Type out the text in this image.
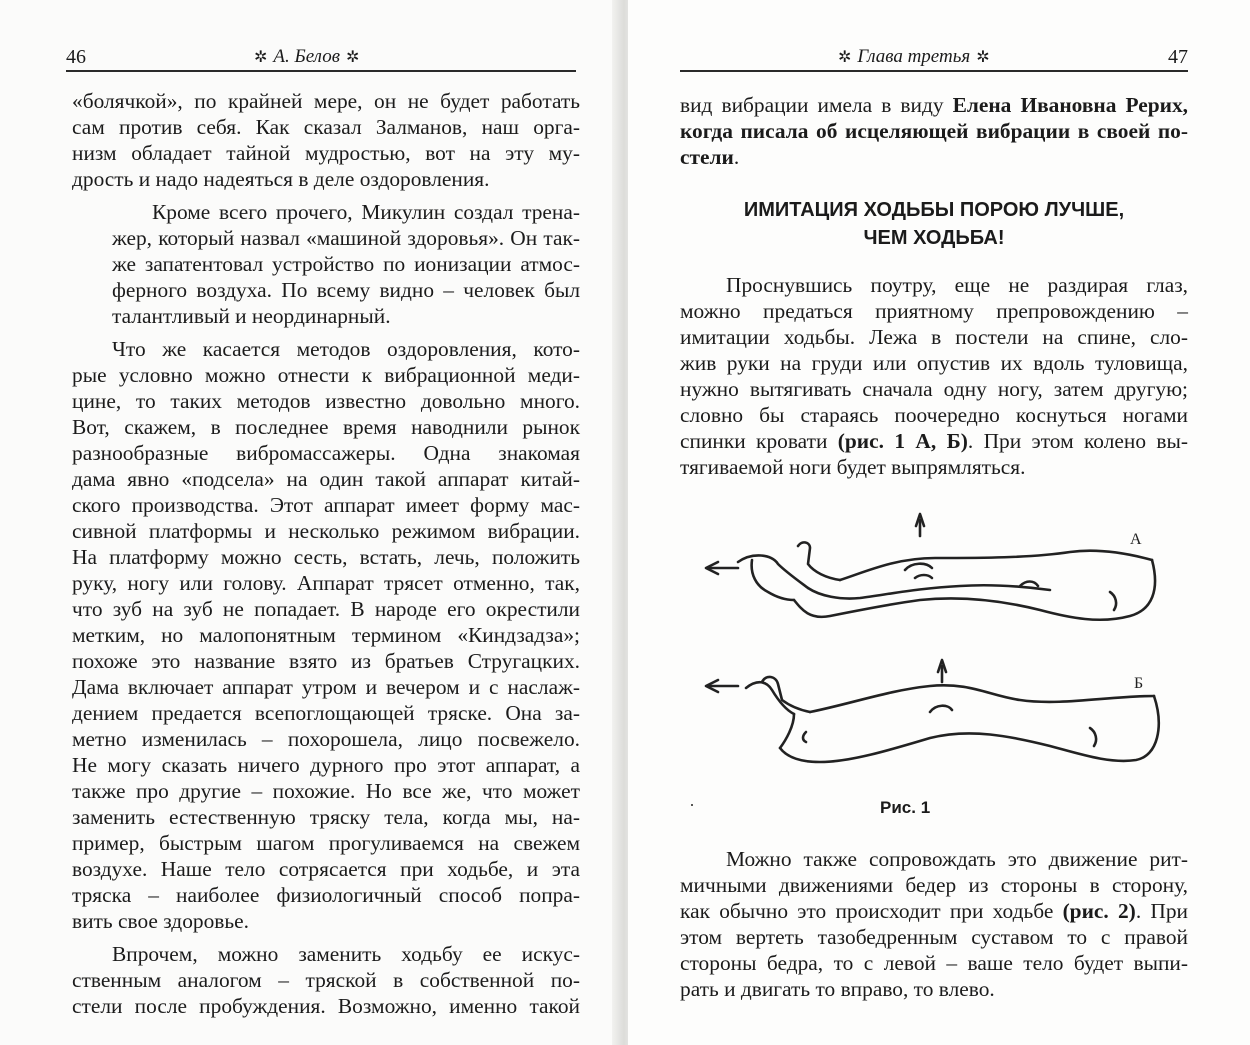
46	✲ А. Белов ✲

«болячкой», по крайней мере, он не будет работать
сам против себя. Как сказал Залманов, наш орга-
низм обладает тайной мудростью, вот на эту му-
дрость и надо надеяться в деле оздоровления.

Кроме всего прочего, Микулин создал трена-
жер, который назвал «машиной здоровья». Он так-
же запатентовал устройство по ионизации атмос-
ферного воздуха. По всему видно – человек был
талантливый и неординарный.

Что же касается методов оздоровления, кото-
рые условно можно отнести к вибрационной меди-
цине, то таких методов известно довольно много.
Вот, скажем, в последнее время наводнили рынок
разнообразные вибромассажеры. Одна знакомая
дама явно «подсела» на один такой аппарат китай-
ского производства. Этот аппарат имеет форму мас-
сивной платформы и несколько режимом вибрации.
На платформу можно сесть, встать, лечь, положить
руку, ногу или голову. Аппарат трясет отменно, так,
что зуб на зуб не попадает. В народе его окрестили
метким, но малопонятным термином «Киндзадза»;
похоже это название взято из братьев Стругацких.
Дама включает аппарат утром и вечером и с наслаж-
дением предается всепоглощающей тряске. Она за-
метно изменилась – похорошела, лицо посвежело.
Не могу сказать ничего дурного про этот аппарат, а
также про другие – похожие. Но все же, что может
заменить естественную тряску тела, когда мы, на-
пример, быстрым шагом прогуливаемся на свежем
воздухе. Наше тело сотрясается при ходьбе, и эта
тряска – наиболее физиологичный способ попра-
вить свое здоровье.

Впрочем, можно заменить ходьбу ее искус-
ственным аналогом – тряской в собственной по-
стели после пробуждения. Возможно, именно такой

✲ Глава третья ✲	47

вид вибрации имела в виду Елена Ивановна Рерих,
когда писала об исцеляющей вибрации в своей по-
стели.

ИМИТАЦИЯ ХОДЬБЫ ПОРОЮ ЛУЧШЕ,
ЧЕМ ХОДЬБА!

Проснувшись поутру, еще не раздирая глаз,
можно предаться приятному препровождению –
имитации ходьбы. Лежа в постели на спине, сло-
жив руки на груди или опустив их вдоль туловища,
нужно вытягивать сначала одну ногу, затем другую;
словно бы стараясь поочередно коснуться ногами
спинки кровати (рис. 1 А, Б). При этом колено вы-
тягиваемой ноги будет выпрямляться.

А
Б
Рис. 1

Можно также сопровождать это движение рит-
мичными движениями бедер из стороны в сторону,
как обычно это происходит при ходьбе (рис. 2). При
этом вертеть тазобедренным суставом то с правой
стороны бедра, то с левой – ваше тело будет выпи-
рать и двигать то вправо, то влево.
